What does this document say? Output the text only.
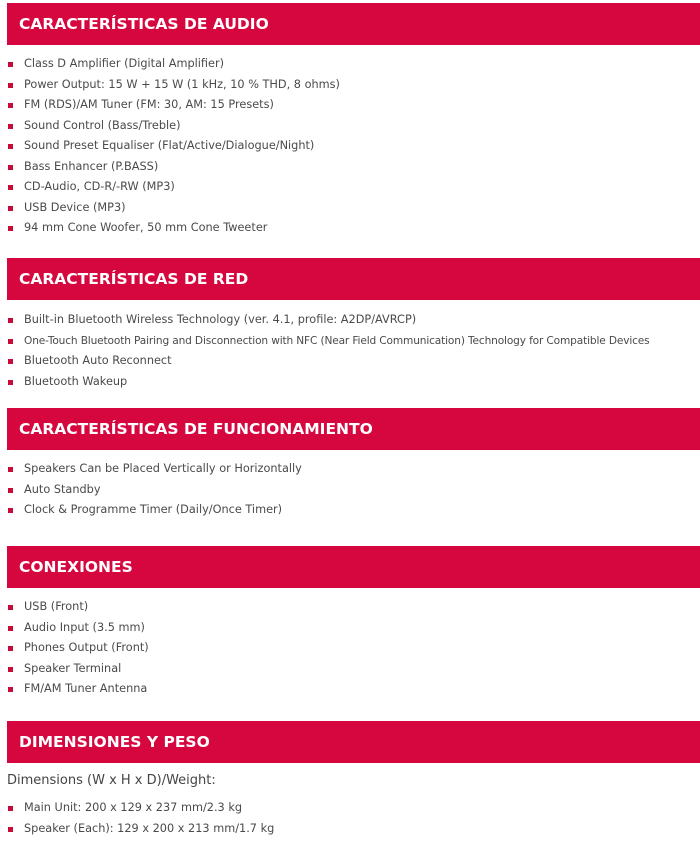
CARACTERÍSTICAS DE AUDIO
Class D Amplifier (Digital Amplifier)
Power Output: 15 W + 15 W (1 kHz, 10 % THD, 8 ohms)
FM (RDS)/AM Tuner (FM: 30, AM: 15 Presets)
Sound Control (Bass/Treble)
Sound Preset Equaliser (Flat/Active/Dialogue/Night)
Bass Enhancer (P.BASS)
CD-Audio, CD-R/-RW (MP3)
USB Device (MP3)
94 mm Cone Woofer, 50 mm Cone Tweeter
CARACTERÍSTICAS DE RED
Built-in Bluetooth Wireless Technology (ver. 4.1, profile: A2DP/AVRCP)
One-Touch Bluetooth Pairing and Disconnection with NFC (Near Field Communication) Technology for Compatible Devices
Bluetooth Auto Reconnect
Bluetooth Wakeup
CARACTERÍSTICAS DE FUNCIONAMIENTO
Speakers Can be Placed Vertically or Horizontally
Auto Standby
Clock & Programme Timer (Daily/Once Timer)
CONEXIONES
USB (Front)
Audio Input (3.5 mm)
Phones Output (Front)
Speaker Terminal
FM/AM Tuner Antenna
DIMENSIONES Y PESO
Dimensions (W x H x D)/Weight:
Main Unit: 200 x 129 x 237 mm/2.3 kg
Speaker (Each): 129 x 200 x 213 mm/1.7 kg
